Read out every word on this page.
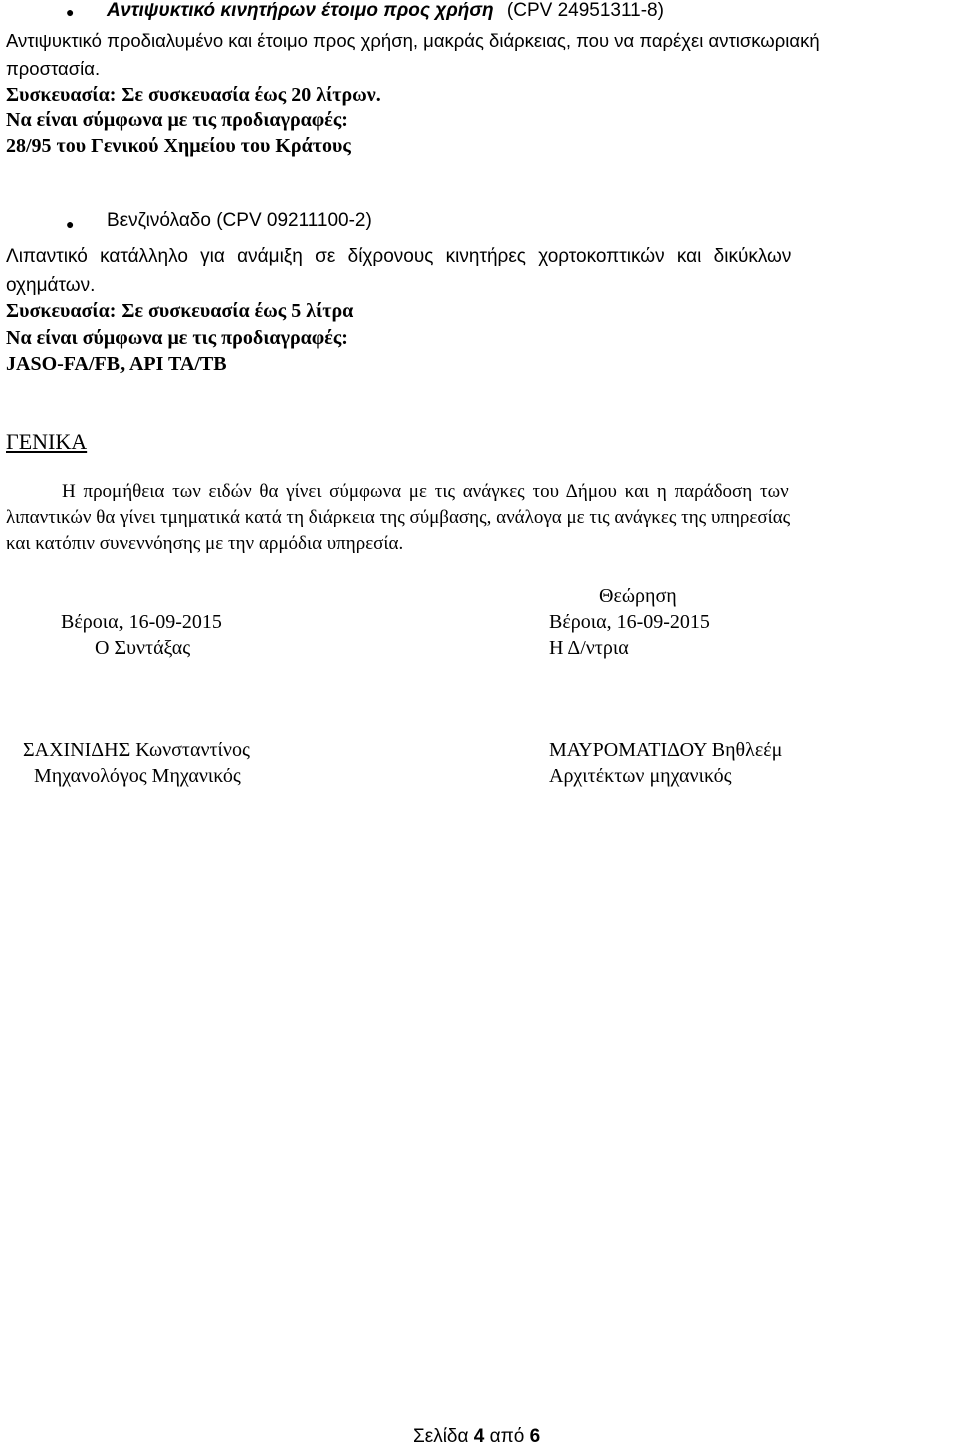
● Αντιψυκτικό κινητήρων έτοιμο προς χρήση (CPV 24951311-8)
Αντιψυκτικό προδιαλυμένο και έτοιμο προς χρήση, μακράς διάρκειας, που να παρέχει αντισκωριακή
προστασία.
Συσκευασία: Σε συσκευασία έως 20 λίτρων.
Να είναι σύμφωνα με τις προδιαγραφές:
28/95 του Γενικού Χημείου του Κράτους
● Βενζινόλαδο (CPV 09211100-2)
Λιπαντικό κατάλληλο για ανάμιξη σε δίχρονους κινητήρες χορτοκοπτικών και δικύκλων
οχημάτων.
Συσκευασία: Σε συσκευασία έως 5 λίτρα
Να είναι σύμφωνα με τις προδιαγραφές:
JASO-FA/FB, API TA/TB
ΓΕΝΙΚΑ
Η προμήθεια των ειδών θα γίνει σύμφωνα με τις ανάγκες του Δήμου και η παράδοση των
λιπαντικών θα γίνει τμηματικά κατά τη διάρκεια της σύμβασης, ανάλογα με τις ανάγκες της υπηρεσίας
και κατόπιν συνεννόησης με την αρμόδια υπηρεσία.
Θεώρηση
Βέροια, 16-09-2015
Ο Συντάξας
ΣΑΧΙΝΙΔΗΣ Κωνσταντίνος
Μηχανολόγος Μηχανικός
Βέροια, 16-09-2015
Η Δ/ντρια
ΜΑΥΡΟΜΑΤΙΔΟΥ Βηθλεέμ
Αρχιτέκτων μηχανικός
Σελίδα 4 από 6
